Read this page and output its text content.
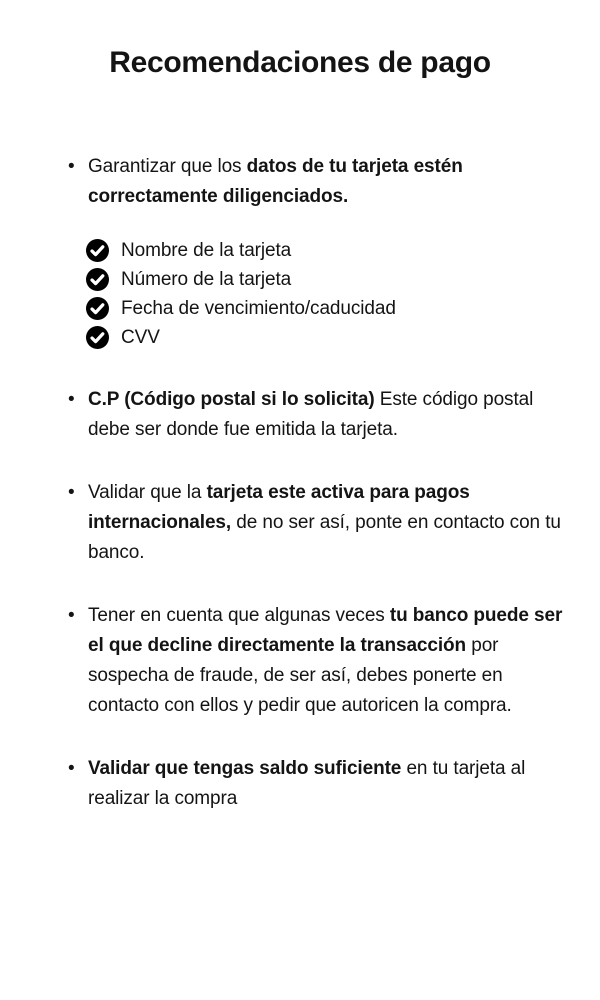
Recomendaciones de pago
• Garantizar que los datos de tu tarjeta estén correctamente diligenciados.

Nombre de la tarjeta
Número de la tarjeta
Fecha de vencimiento/caducidad
CVV
• C.P (Código postal si lo solicita) Este código postal debe ser donde fue emitida la tarjeta.

• Validar que la tarjeta este activa para pagos internacionales, de no ser así, ponte en contacto con tu banco.

• Tener en cuenta que algunas veces tu banco puede ser el que decline directamente la transacción por sospecha de fraude, de ser así, debes ponerte en contacto con ellos y pedir que autoricen la compra.

• Validar que tengas saldo suficiente en tu tarjeta al realizar la compra
